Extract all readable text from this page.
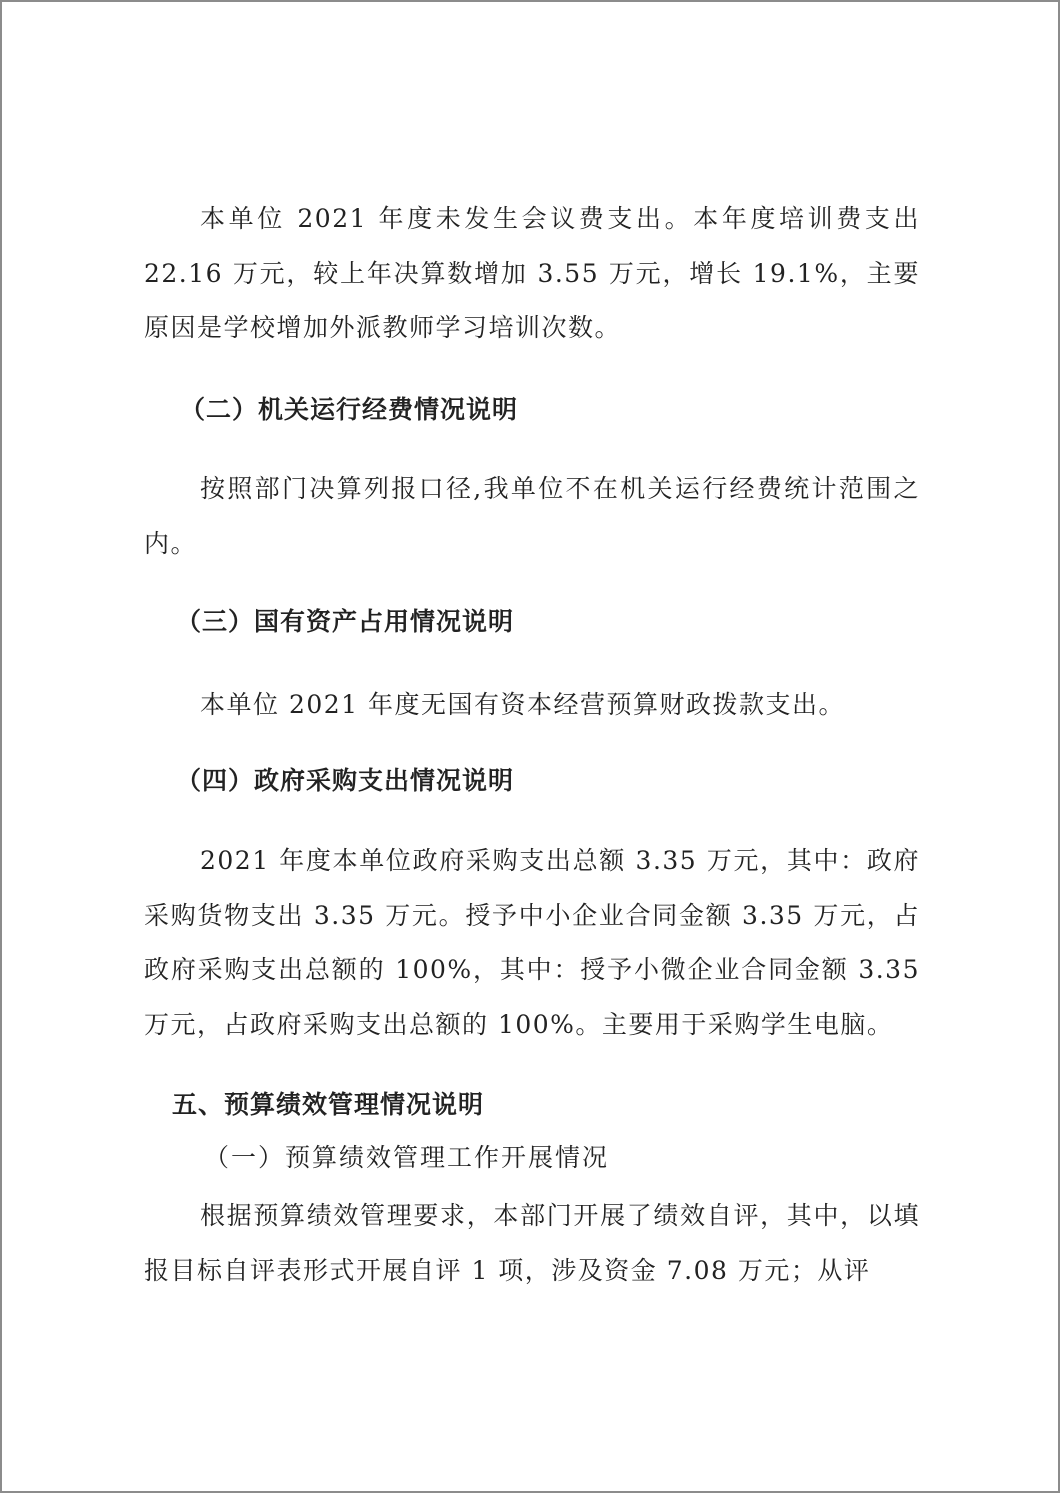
本单位 2021 年度未发生会议费支出。本年度培训费支出22.16 万元，较上年决算数增加 3.55 万元，增长 19.1%，主要原因是学校增加外派教师学习培训次数。

（二）机关运行经费情况说明

按照部门决算列报口径,我单位不在机关运行经费统计范围之内。

（三）国有资产占用情况说明

本单位 2021 年度无国有资本经营预算财政拨款支出。

（四）政府采购支出情况说明

2021 年度本单位政府采购支出总额 3.35 万元，其中：政府采购货物支出 3.35 万元。授予中小企业合同金额 3.35 万元，占政府采购支出总额的 100%，其中：授予小微企业合同金额 3.35万元，占政府采购支出总额的 100%。主要用于采购学生电脑。

五、预算绩效管理情况说明
（一）预算绩效管理工作开展情况

根据预算绩效管理要求，本部门开展了绩效自评，其中，以填报目标自评表形式开展自评 1 项，涉及资金 7.08 万元；从评
